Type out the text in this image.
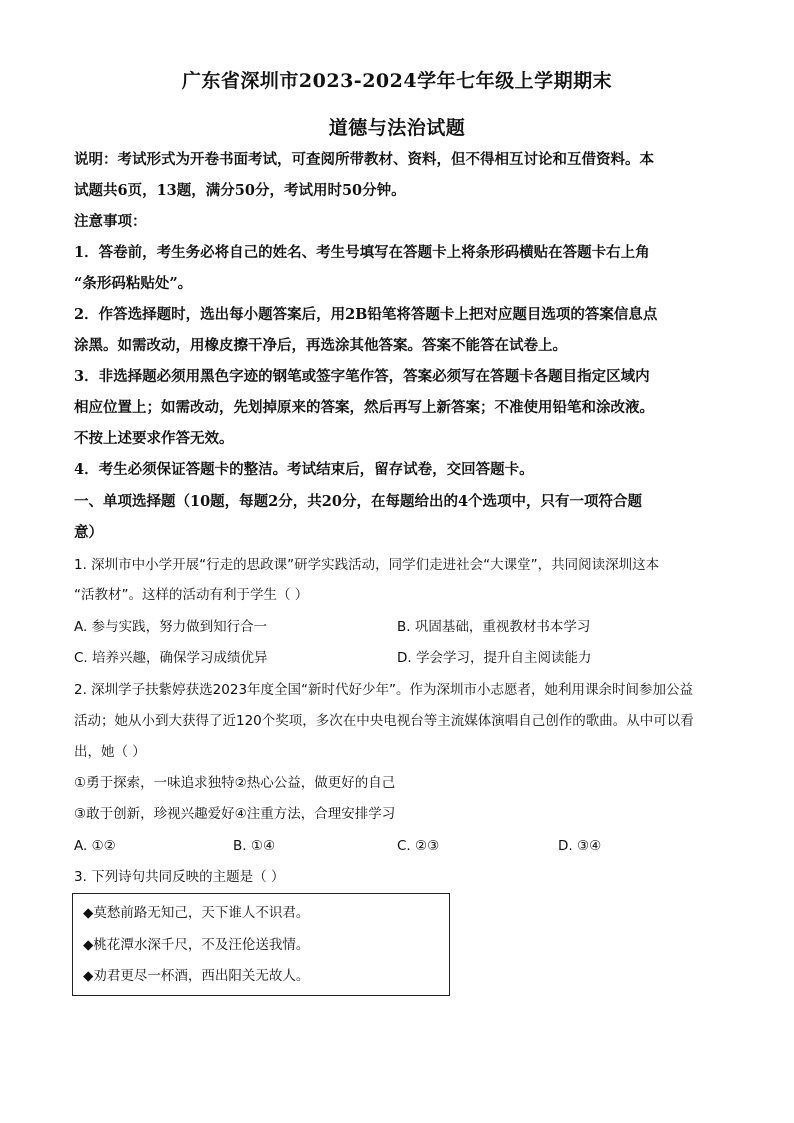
广东省深圳市2023-2024学年七年级上学期期末
道德与法治试题
说明：考试形式为开卷书面考试，可查阅所带教材、资料，但不得相互讨论和互借资料。本
试题共6页，13题，满分50分，考试用时50分钟。
注意事项：
1．答卷前，考生务必将自己的姓名、考生号填写在答题卡上将条形码横贴在答题卡右上角
“条形码粘贴处”。
2．作答选择题时，选出每小题答案后，用2B铅笔将答题卡上把对应题目选项的答案信息点
涂黑。如需改动，用橡皮擦干净后，再选涂其他答案。答案不能答在试卷上。
3．非选择题必须用黑色字迹的钢笔或签字笔作答，答案必须写在答题卡各题目指定区域内
相应位置上；如需改动，先划掉原来的答案，然后再写上新答案；不准使用铅笔和涂改液。
不按上述要求作答无效。
4．考生必须保证答题卡的整洁。考试结束后，留存试卷，交回答题卡。
一、单项选择题（10题，每题2分，共20分，在每题给出的4个选项中，只有一项符合题
意）
1. 深圳市中小学开展“行走的思政课”研学实践活动，同学们走进社会“大课堂”，共同阅读深圳这本
“活教材”。这样的活动有利于学生（ ）
A. 参与实践，努力做到知行合一	B. 巩固基础，重视教材书本学习
C. 培养兴趣，确保学习成绩优异	D. 学会学习，提升自主阅读能力
2. 深圳学子扶紫婷获选2023年度全国“新时代好少年”。作为深圳市小志愿者，她利用课余时间参加公益
活动；她从小到大获得了近120个奖项，多次在中央电视台等主流媒体演唱自己创作的歌曲。从中可以看
出，她（ ）
①勇于探索，一味追求独特②热心公益，做更好的自己
③敢于创新，珍视兴趣爱好④注重方法，合理安排学习
A. ①②	B. ①④	C. ②③	D. ③④
3. 下列诗句共同反映的主题是（ ）
◆莫愁前路无知己，天下谁人不识君。
◆桃花潭水深千尺，不及汪伦送我情。
◆劝君更尽一杯酒，西出阳关无故人。
